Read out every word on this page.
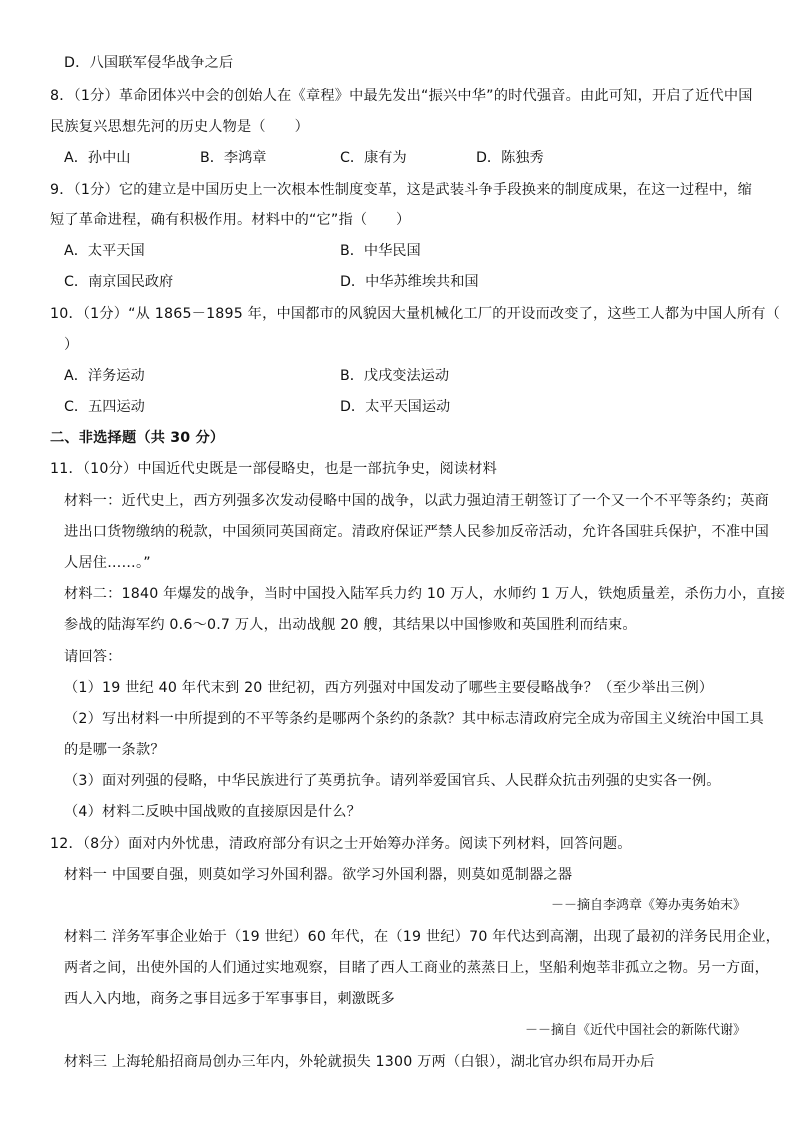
D．八国联军侵华战争之后
8．（1分）革命团体兴中会的创始人在《章程》中最先发出“振兴中华”的时代强音。由此可知，开启了近代中国
民族复兴思想先河的历史人物是（　　）
A．孙中山	B．李鸿章	C．康有为	D．陈独秀
9．（1分）它的建立是中国历史上一次根本性制度变革，这是武装斗争手段换来的制度成果，在这一过程中，缩
短了革命进程，确有积极作用。材料中的“它”指（　　）
A．太平天国	B．中华民国
C．南京国民政府	D．中华苏维埃共和国
10．（1分）“从 1865－1895 年，中国都市的风貌因大量机械化工厂的开设而改变了，这些工人都为中国人所有（
）
A．洋务运动	B．戊戌变法运动
C．五四运动	D．太平天国运动
二、非选择题（共 30 分）
11．（10分）中国近代史既是一部侵略史，也是一部抗争史，阅读材料
材料一：近代史上，西方列强多次发动侵略中国的战争，以武力强迫清王朝签订了一个又一个不平等条约；英商
进出口货物缴纳的税款，中国须同英国商定。清政府保证严禁人民参加反帝活动，允许各国驻兵保护，不准中国
人居住……。”
材料二：1840 年爆发的战争，当时中国投入陆军兵力约 10 万人，水师约 1 万人，铁炮质量差，杀伤力小，直接
参战的陆海军约 0.6～0.7 万人，出动战舰 20 艘，其结果以中国惨败和英国胜利而结束。
请回答：
（1）19 世纪 40 年代末到 20 世纪初，西方列强对中国发动了哪些主要侵略战争？（至少举出三例）
（2）写出材料一中所提到的不平等条约是哪两个条约的条款？其中标志清政府完全成为帝国主义统治中国工具
的是哪一条款？
（3）面对列强的侵略，中华民族进行了英勇抗争。请列举爱国官兵、人民群众抗击列强的史实各一例。
（4）材料二反映中国战败的直接原因是什么？
12．（8分）面对内外忧患，清政府部分有识之士开始筹办洋务。阅读下列材料，回答问题。
材料一 中国要自强，则莫如学习外国利器。欲学习外国利器，则莫如觅制器之器
－－摘自李鸿章《筹办夷务始末》
材料二 洋务军事企业始于（19 世纪）60 年代，在（19 世纪）70 年代达到高潮，出现了最初的洋务民用企业，
两者之间，出使外国的人们通过实地观察，目睹了西人工商业的蒸蒸日上，坚船利炮莘非孤立之物。另一方面，
西人入内地，商务之事目远多于军事事目，刺激既多
－－摘自《近代中国社会的新陈代谢》
材料三 上海轮船招商局创办三年内，外轮就损失 1300 万两（白银），湖北官办织布局开办后
